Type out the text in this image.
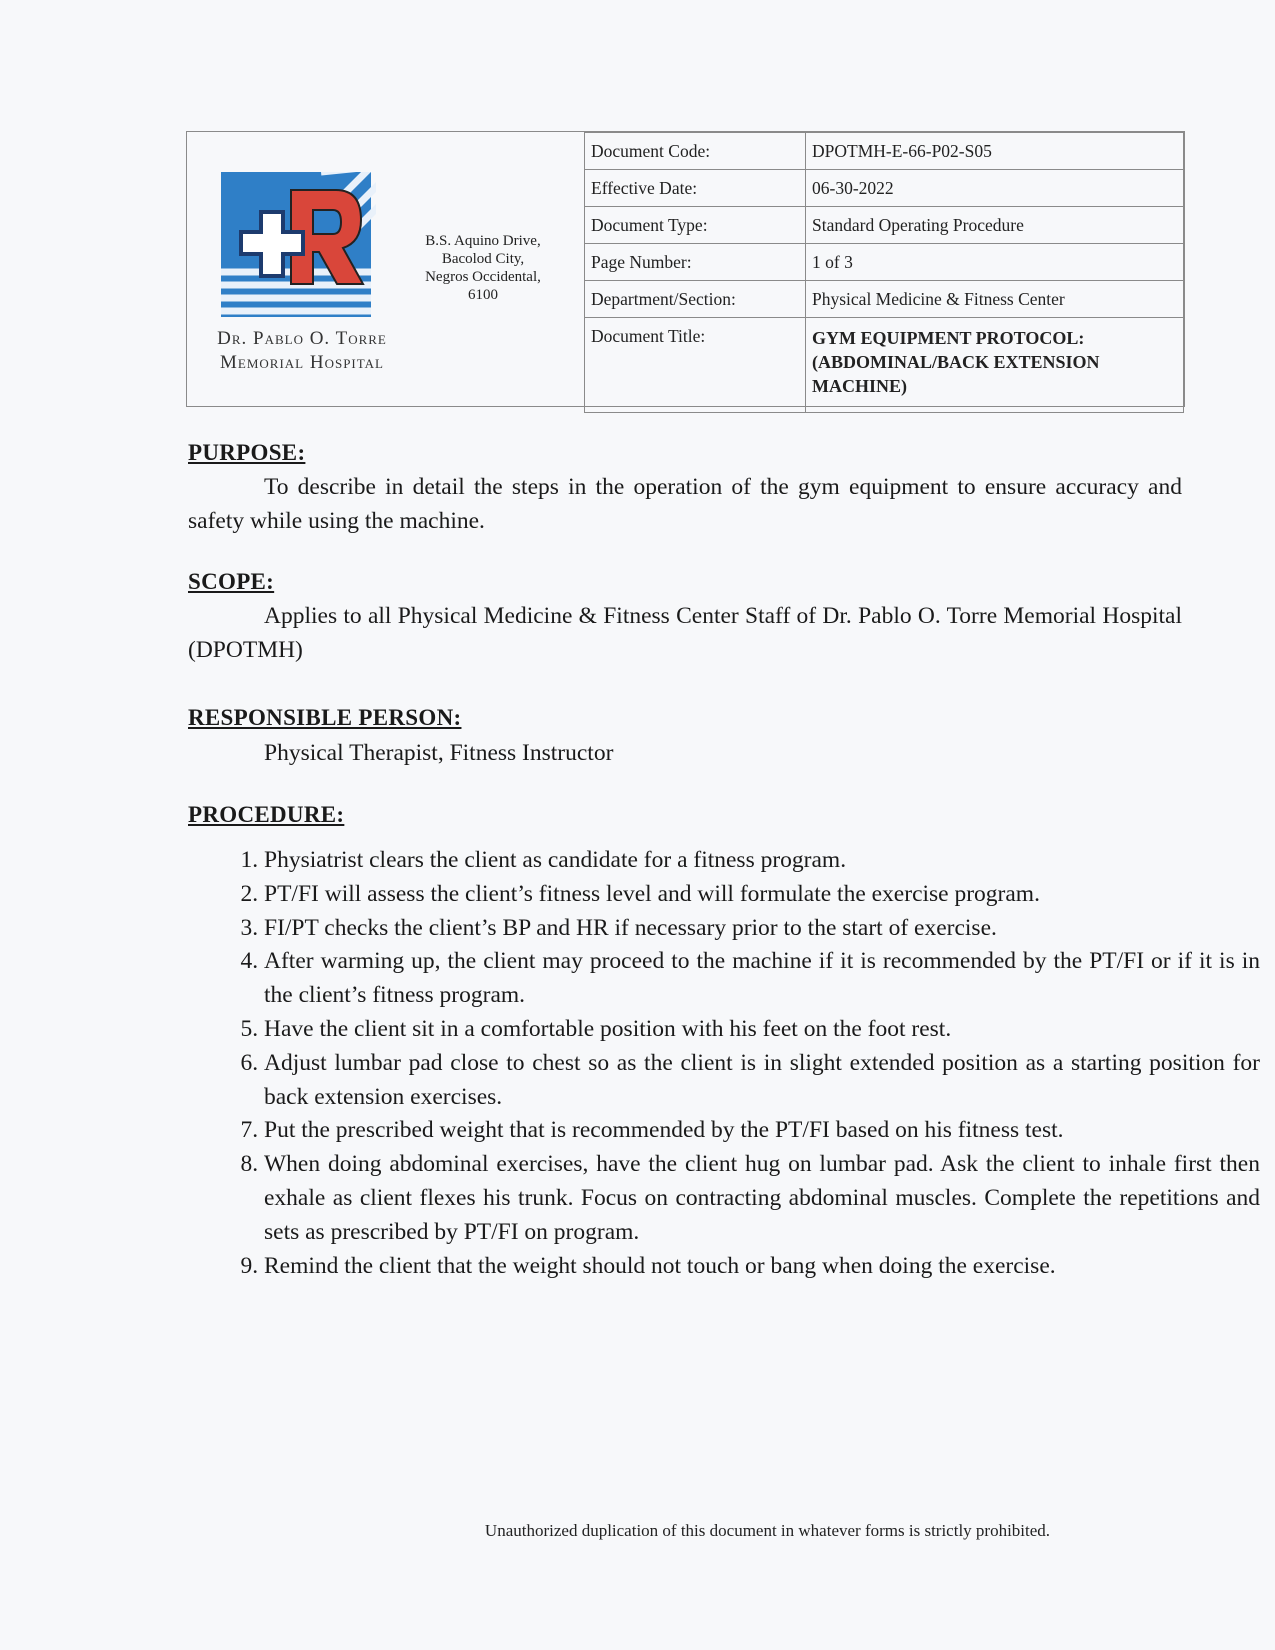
Dr. Pablo O. Torre
Memorial Hospital
B.S. Aquino Drive,
Bacolod City,
Negros Occidental,
6100
Document Code:	DPOTMH-E-66-P02-S05
Effective Date:	06-30-2022
Document Type:	Standard Operating Procedure
Page Number:	1 of 3
Department/Section:	Physical Medicine & Fitness Center
Document Title:	GYM EQUIPMENT PROTOCOL:
(ABDOMINAL/BACK EXTENSION
MACHINE)
PURPOSE:
To describe in detail the steps in the operation of the gym equipment to ensure accuracy and safety while using the machine.
SCOPE:
Applies to all Physical Medicine & Fitness Center Staff of Dr. Pablo O. Torre Memorial Hospital (DPOTMH)
RESPONSIBLE PERSON:
Physical Therapist, Fitness Instructor
PROCEDURE:
1. Physiatrist clears the client as candidate for a fitness program.
2. PT/FI will assess the client’s fitness level and will formulate the exercise program.
3. FI/PT checks the client’s BP and HR if necessary prior to the start of exercise.
4. After warming up, the client may proceed to the machine if it is recommended by the PT/FI or if it is in the client’s fitness program.
5. Have the client sit in a comfortable position with his feet on the foot rest.
6. Adjust lumbar pad close to chest so as the client is in slight extended position as a starting position for back extension exercises.
7. Put the prescribed weight that is recommended by the PT/FI based on his fitness test.
8. When doing abdominal exercises, have the client hug on lumbar pad. Ask the client to inhale first then exhale as client flexes his trunk. Focus on contracting abdominal muscles. Complete the repetitions and sets as prescribed by PT/FI on program.
9. Remind the client that the weight should not touch or bang when doing the exercise.
Unauthorized duplication of this document in whatever forms is strictly prohibited.
